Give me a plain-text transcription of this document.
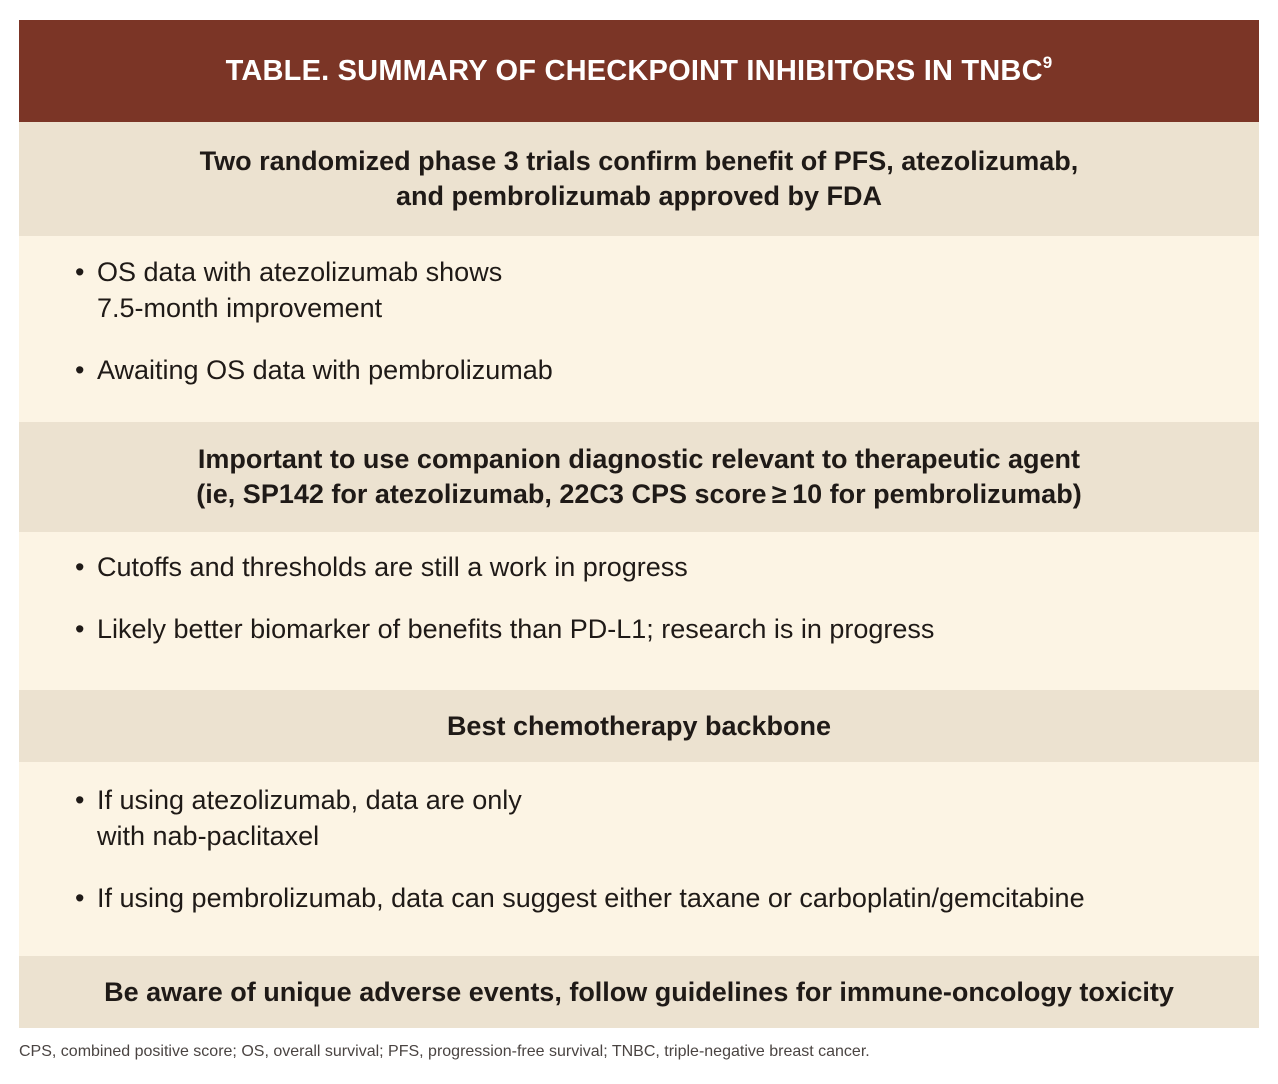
TABLE. SUMMARY OF CHECKPOINT INHIBITORS IN TNBC$^9$
Two randomized phase 3 trials confirm benefit of PFS, atezolizumab,
and pembrolizumab approved by FDA
• OS data with atezolizumab shows
7.5-month improvement
• Awaiting OS data with pembrolizumab
Important to use companion diagnostic relevant to therapeutic agent
(ie, SP142 for atezolizumab, 22C3 CPS score ≥ 10 for pembrolizumab)
• Cutoffs and thresholds are still a work in progress
• Likely better biomarker of benefits than PD-L1; research is in progress
Best chemotherapy backbone
• If using atezolizumab, data are only
with nab-paclitaxel
• If using pembrolizumab, data can suggest either taxane or carboplatin/gemcitabine
Be aware of unique adverse events, follow guidelines for immune-oncology toxicity
CPS, combined positive score; OS, overall survival; PFS, progression-free survival; TNBC, triple-negative breast cancer.
